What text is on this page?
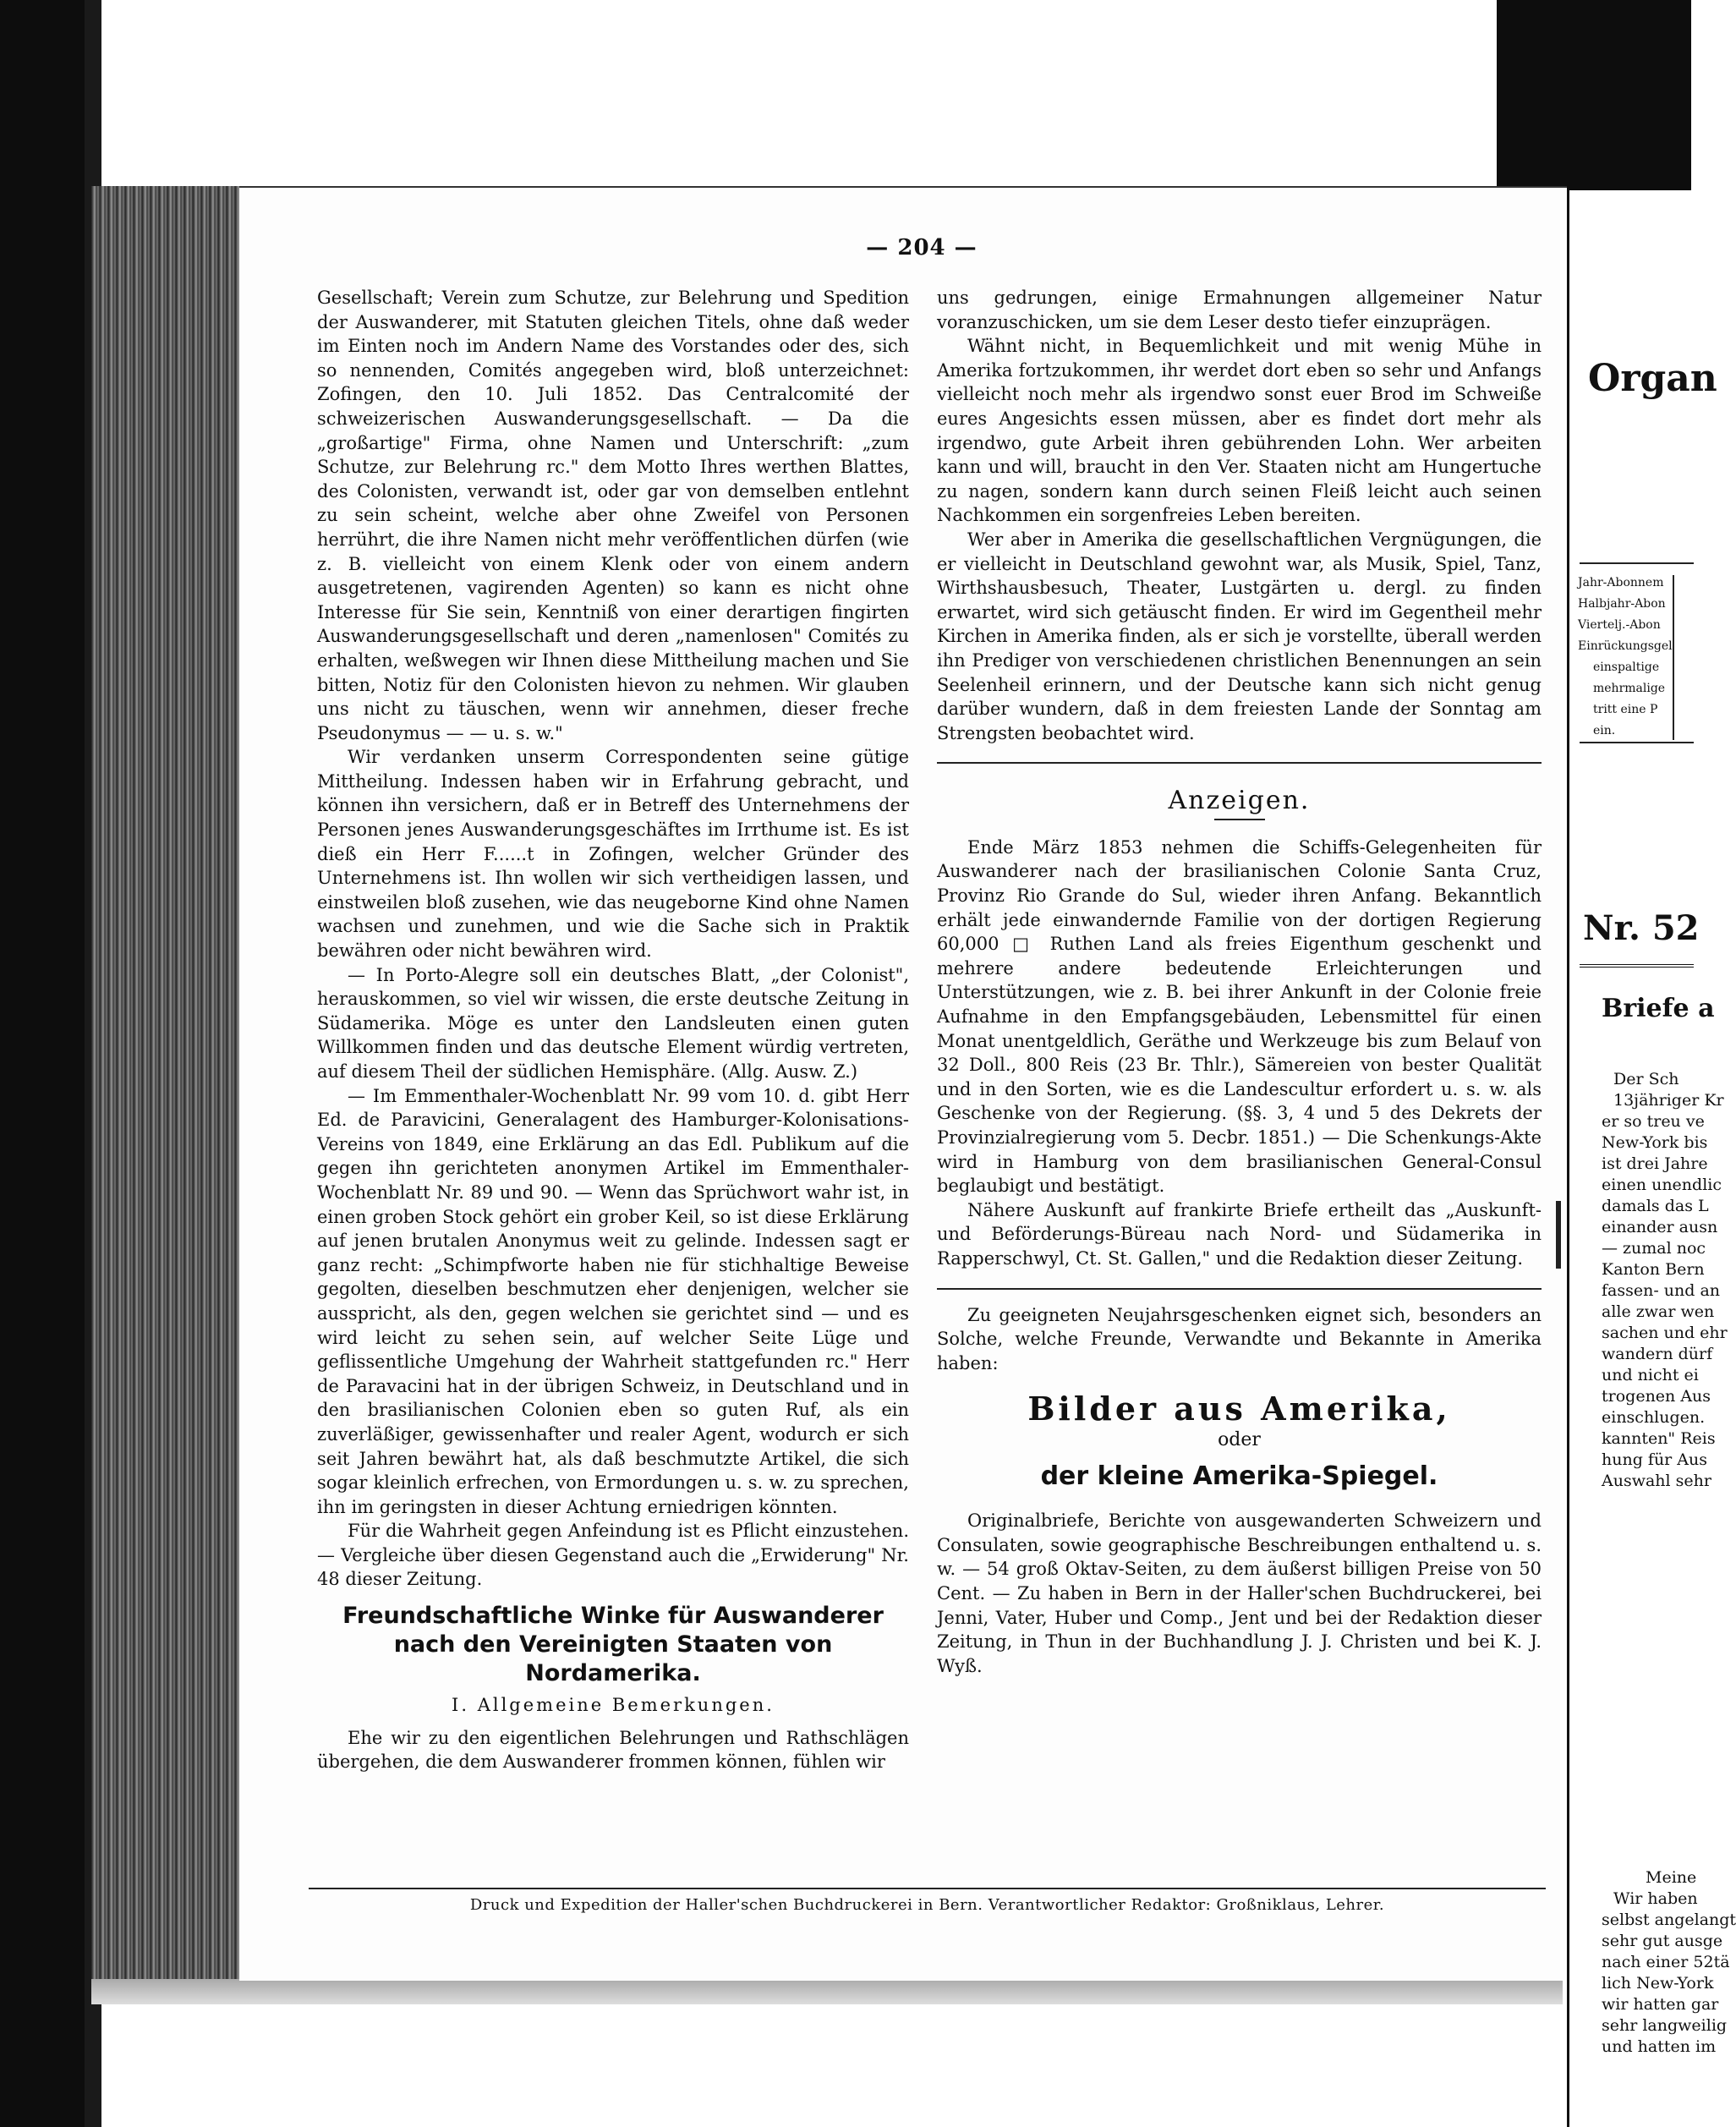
— 204 —

Gesellschaft; Verein zum Schutze, zur Belehrung und Spedition der Auswanderer, mit Statuten gleichen Titels, ohne daß weder im Einten noch im Andern Name des Vorstandes oder des, sich so nennenden, Comités angegeben wird, bloß unterzeichnet: Zofingen, den 10. Juli 1852. Das Centralcomité der schweizerischen Auswanderungsgesellschaft. — Da die „großartige" Firma, ohne Namen und Unterschrift: „zum Schutze, zur Belehrung rc." dem Motto Ihres werthen Blattes, des Colonisten, verwandt ist, oder gar von demselben entlehnt zu sein scheint, welche aber ohne Zweifel von Personen herrührt, die ihre Namen nicht mehr veröffentlichen dürfen (wie z. B. vielleicht von einem Klenk oder von einem andern ausgetretenen, vagirenden Agenten) so kann es nicht ohne Interesse für Sie sein, Kenntniß von einer derartigen fingirten Auswanderungsgesellschaft und deren „namenlosen" Comités zu erhalten, weßwegen wir Ihnen diese Mittheilung machen und Sie bitten, Notiz für den Colonisten hievon zu nehmen. Wir glauben uns nicht zu täuschen, wenn wir annehmen, dieser freche Pseudonymus — — u. s. w."

Wir verdanken unserm Correspondenten seine gütige Mittheilung. Indessen haben wir in Erfahrung gebracht, und können ihn versichern, daß er in Betreff des Unternehmens der Personen jenes Auswanderungsgeschäftes im Irrthume ist. Es ist dieß ein Herr F......t in Zofingen, welcher Gründer des Unternehmens ist. Ihn wollen wir sich vertheidigen lassen, und einstweilen bloß zusehen, wie das neugeborne Kind ohne Namen wachsen und zunehmen, und wie die Sache sich in Praktik bewähren oder nicht bewähren wird.

— In Porto-Alegre soll ein deutsches Blatt, „der Colonist", herauskommen, so viel wir wissen, die erste deutsche Zeitung in Südamerika. Möge es unter den Landsleuten einen guten Willkommen finden und das deutsche Element würdig vertreten, auf diesem Theil der südlichen Hemisphäre. (Allg. Ausw. Z.)

— Im Emmenthaler-Wochenblatt Nr. 99 vom 10. d. gibt Herr Ed. de Paravicini, Generalagent des Hamburger-Kolonisations-Vereins von 1849, eine Erklärung an das Edl. Publikum auf die gegen ihn gerichteten anonymen Artikel im Emmenthaler-Wochenblatt Nr. 89 und 90. — Wenn das Sprüchwort wahr ist, in einen groben Stock gehört ein grober Keil, so ist diese Erklärung auf jenen brutalen Anonymus weit zu gelinde. Indessen sagt er ganz recht: „Schimpfworte haben nie für stichhaltige Beweise gegolten, dieselben beschmutzen eher denjenigen, welcher sie ausspricht, als den, gegen welchen sie gerichtet sind — und es wird leicht zu sehen sein, auf welcher Seite Lüge und geflissentliche Umgehung der Wahrheit stattgefunden rc." Herr de Paravacini hat in der übrigen Schweiz, in Deutschland und in den brasilianischen Colonien eben so guten Ruf, als ein zuverläßiger, gewissenhafter und realer Agent, wodurch er sich seit Jahren bewährt hat, als daß beschmutzte Artikel, die sich sogar kleinlich erfrechen, von Ermordungen u. s. w. zu sprechen, ihn im geringsten in dieser Achtung erniedrigen könnten.

Für die Wahrheit gegen Anfeindung ist es Pflicht einzustehen. — Vergleiche über diesen Gegenstand auch die „Erwiderung" Nr. 48 dieser Zeitung.

Freundschaftliche Winke für Auswanderer nach den Vereinigten Staaten von Nordamerika.
I. Allgemeine Bemerkungen.

Ehe wir zu den eigentlichen Belehrungen und Rathschlägen übergehen, die dem Auswanderer frommen können, fühlen wir

uns gedrungen, einige Ermahnungen allgemeiner Natur voranzuschicken, um sie dem Leser desto tiefer einzuprägen.

Wähnt nicht, in Bequemlichkeit und mit wenig Mühe in Amerika fortzukommen, ihr werdet dort eben so sehr und Anfangs vielleicht noch mehr als irgendwo sonst euer Brod im Schweiße eures Angesichts essen müssen, aber es findet dort mehr als irgendwo, gute Arbeit ihren gebührenden Lohn. Wer arbeiten kann und will, braucht in den Ver. Staaten nicht am Hungertuche zu nagen, sondern kann durch seinen Fleiß leicht auch seinen Nachkommen ein sorgenfreies Leben bereiten.

Wer aber in Amerika die gesellschaftlichen Vergnügungen, die er vielleicht in Deutschland gewohnt war, als Musik, Spiel, Tanz, Wirthshausbesuch, Theater, Lustgärten u. dergl. zu finden erwartet, wird sich getäuscht finden. Er wird im Gegentheil mehr Kirchen in Amerika finden, als er sich je vorstellte, überall werden ihn Prediger von verschiedenen christlichen Benennungen an sein Seelenheil erinnern, und der Deutsche kann sich nicht genug darüber wundern, daß in dem freiesten Lande der Sonntag am Strengsten beobachtet wird.

Anzeigen.

Ende März 1853 nehmen die Schiffs-Gelegenheiten für Auswanderer nach der brasilianischen Colonie Santa Cruz, Provinz Rio Grande do Sul, wieder ihren Anfang. Bekanntlich erhält jede einwandernde Familie von der dortigen Regierung 60,000 □ Ruthen Land als freies Eigenthum geschenkt und mehrere andere bedeutende Erleichterungen und Unterstützungen, wie z. B. bei ihrer Ankunft in der Colonie freie Aufnahme in den Empfangsgebäuden, Lebensmittel für einen Monat unentgeldlich, Geräthe und Werkzeuge bis zum Belauf von 32 Doll., 800 Reis (23 Br. Thlr.), Sämereien von bester Qualität und in den Sorten, wie es die Landescultur erfordert u. s. w. als Geschenke von der Regierung. (§§. 3, 4 und 5 des Dekrets der Provinzialregierung vom 5. Decbr. 1851.) — Die Schenkungs-Akte wird in Hamburg von dem brasilianischen General-Consul beglaubigt und bestätigt.

Nähere Auskunft auf frankirte Briefe ertheilt das „Auskunft- und Beförderungs-Büreau nach Nord- und Südamerika in Rapperschwyl, Ct. St. Gallen," und die Redaktion dieser Zeitung.

Zu geeigneten Neujahrsgeschenken eignet sich, besonders an Solche, welche Freunde, Verwandte und Bekannte in Amerika haben:

Bilder aus Amerika,
oder
der kleine Amerika-Spiegel.

Originalbriefe, Berichte von ausgewanderten Schweizern und Consulaten, sowie geographische Beschreibungen enthaltend u. s. w. — 54 groß Oktav-Seiten, zu dem äußerst billigen Preise von 50 Cent. — Zu haben in Bern in der Haller'schen Buchdruckerei, bei Jenni, Vater, Huber und Comp., Jent und bei der Redaktion dieser Zeitung, in Thun in der Buchhandlung J. J. Christen und bei K. J. Wyß.

Druck und Expedition der Haller'schen Buchdruckerei in Bern. Verantwortlicher Redaktor: Großniklaus, Lehrer.
Organ
Jahr-Abonnem
Halbjahr-Abon
Viertelj.-Abon
Einrückungsgel
einspaltige
mehrmalige
tritt eine P
ein.
Nr. 52
Briefe a
Der Sch
13jähriger Kr
er so treu ve
New-York bis
ist drei Jahre
einen unendlic
damals das L
einander ausn
— zumal noc
Kanton Bern
fassen- und an
alle zwar wen
sachen und ehr
wandern dürf
und nicht ei
trogenen Aus
einschlugen.
kannten" Reis
hung für Aus
Auswahl sehr
Meine
Wir haben
selbst angelangt
sehr gut ausge
nach einer 52tä
lich New-York
wir hatten gar
sehr langweilig
und hatten im
